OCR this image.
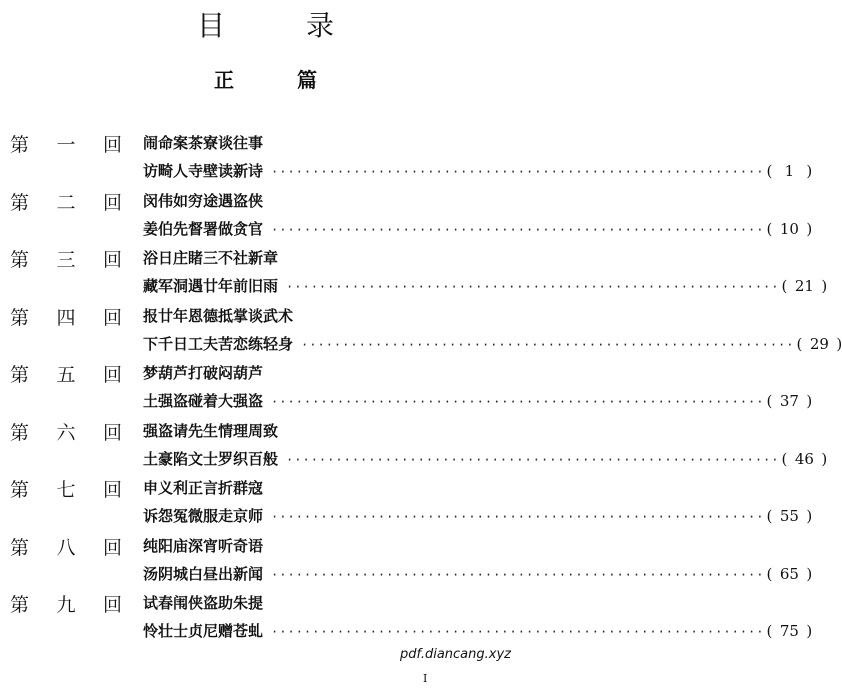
目 录
正 篇
第 一 回 闹命案茶寮谈往事
访畸人寺壁读新诗 ···························································· ( 1 )
第 二 回 闵伟如穷途遇盗侠
姜伯先督署做贪官 ···························································· ( 10 )
第 三 回 浴日庄睹三不社新章
藏军洞遇廿年前旧雨 ···························································· ( 21 )
第 四 回 报廿年恩德抵掌谈武术
下千日工夫苦恋练轻身 ···························································· ( 29 )
第 五 回 梦葫芦打破闷葫芦
土强盗碰着大强盗 ···························································· ( 37 )
第 六 回 强盗请先生情理周致
土豪陷文士罗织百般 ···························································· ( 46 )
第 七 回 申义利正言折群寇
诉怨冤微服走京师 ···························································· ( 55 )
第 八 回 纯阳庙深宵听奇语
汤阴城白昼出新闻 ···························································· ( 65 )
第 九 回 试春闱侠盗助朱提
怜壮士贞尼赠苍虬 ···························································· ( 75 )
pdf.diancang.xyz
I
